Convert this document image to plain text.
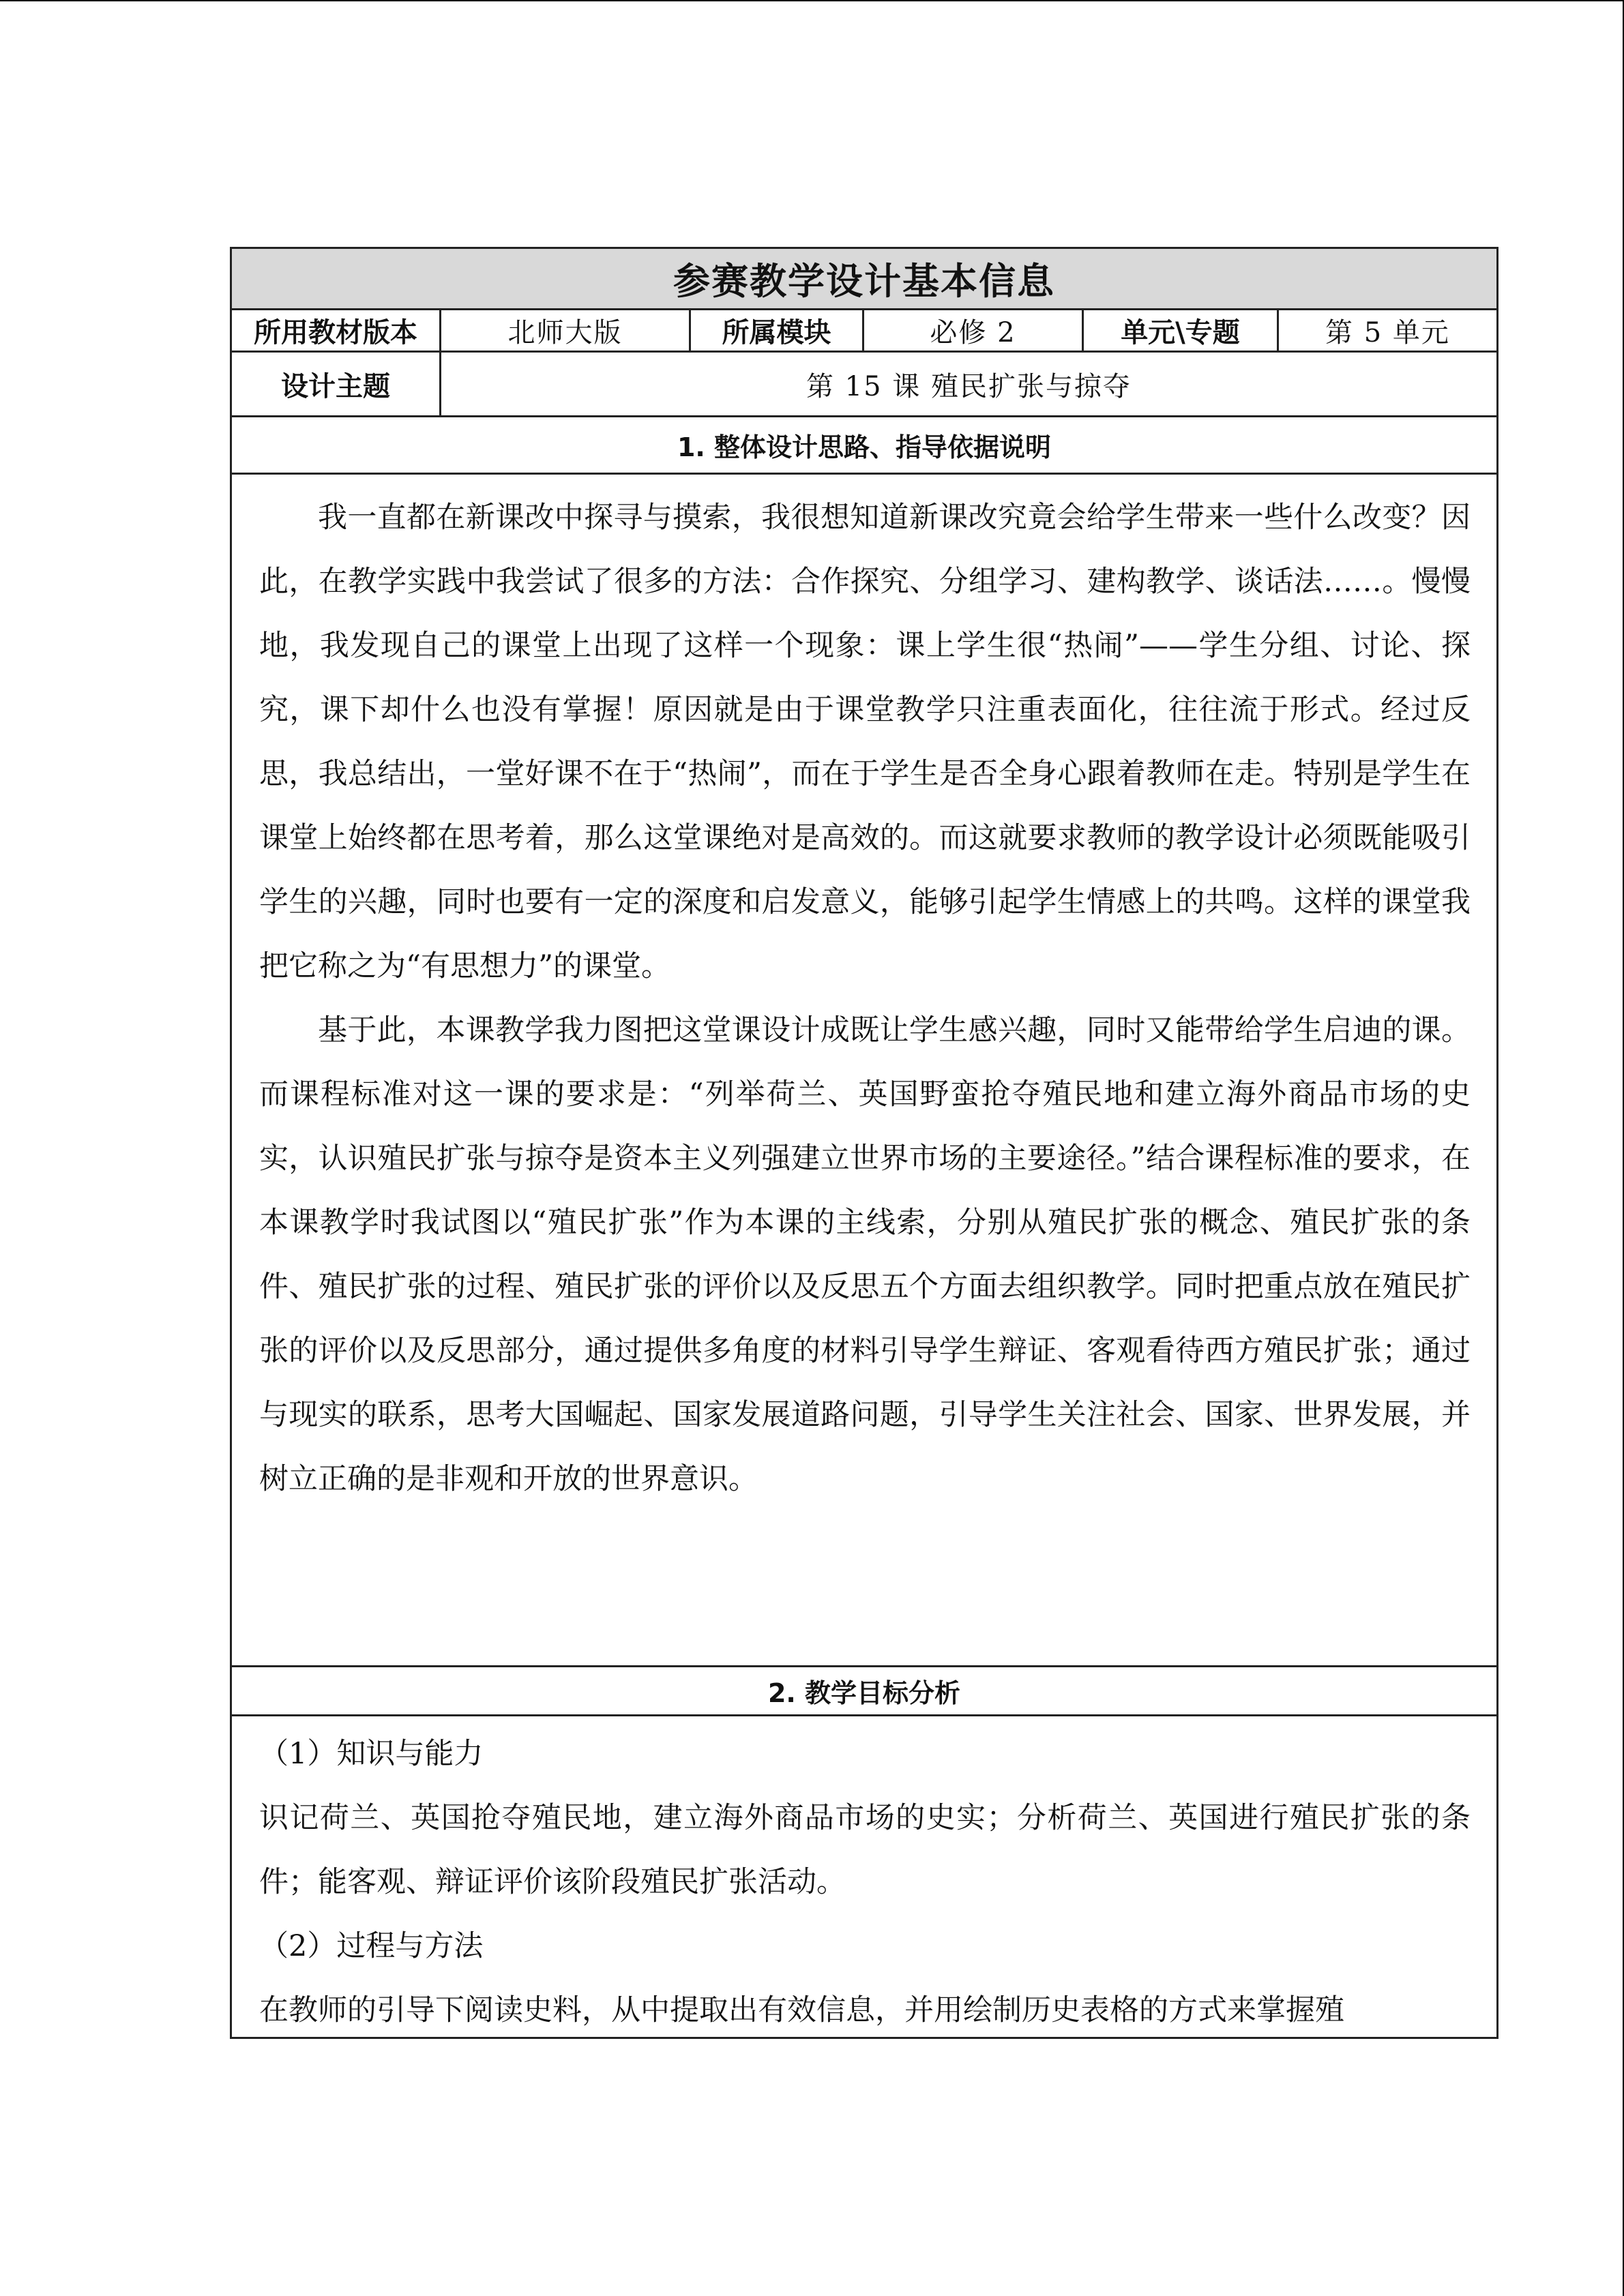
参赛教学设计基本信息
所用教材版本	北师大版	所属模块	必修 2	单元\专题	第 5 单元
设计主题	第 15 课 殖民扩张与掠夺
1. 整体设计思路、指导依据说明

我一直都在新课改中探寻与摸索，我很想知道新课改究竟会给学生带来一些什么改变？因此，在教学实践中我尝试了很多的方法：合作探究、分组学习、建构教学、谈话法……。慢慢地，我发现自己的课堂上出现了这样一个现象：课上学生很“热闹”——学生分组、讨论、探究，课下却什么也没有掌握！原因就是由于课堂教学只注重表面化，往往流于形式。经过反思，我总结出，一堂好课不在于“热闹”，而在于学生是否全身心跟着教师在走。特别是学生在课堂上始终都在思考着，那么这堂课绝对是高效的。而这就要求教师的教学设计必须既能吸引学生的兴趣，同时也要有一定的深度和启发意义，能够引起学生情感上的共鸣。这样的课堂我把它称之为“有思想力”的课堂。

基于此，本课教学我力图把这堂课设计成既让学生感兴趣，同时又能带给学生启迪的课。而课程标准对这一课的要求是：“列举荷兰、英国野蛮抢夺殖民地和建立海外商品市场的史实，认识殖民扩张与掠夺是资本主义列强建立世界市场的主要途径。”结合课程标准的要求，在本课教学时我试图以“殖民扩张”作为本课的主线索，分别从殖民扩张的概念、殖民扩张的条件、殖民扩张的过程、殖民扩张的评价以及反思五个方面去组织教学。同时把重点放在殖民扩张的评价以及反思部分，通过提供多角度的材料引导学生辩证、客观看待西方殖民扩张；通过与现实的联系，思考大国崛起、国家发展道路问题，引导学生关注社会、国家、世界发展，并树立正确的是非观和开放的世界意识。

2. 教学目标分析

（1）知识与能力

识记荷兰、英国抢夺殖民地，建立海外商品市场的史实；分析荷兰、英国进行殖民扩张的条件；能客观、辩证评价该阶段殖民扩张活动。

（2）过程与方法

在教师的引导下阅读史料，从中提取出有效信息，并用绘制历史表格的方式来掌握殖
